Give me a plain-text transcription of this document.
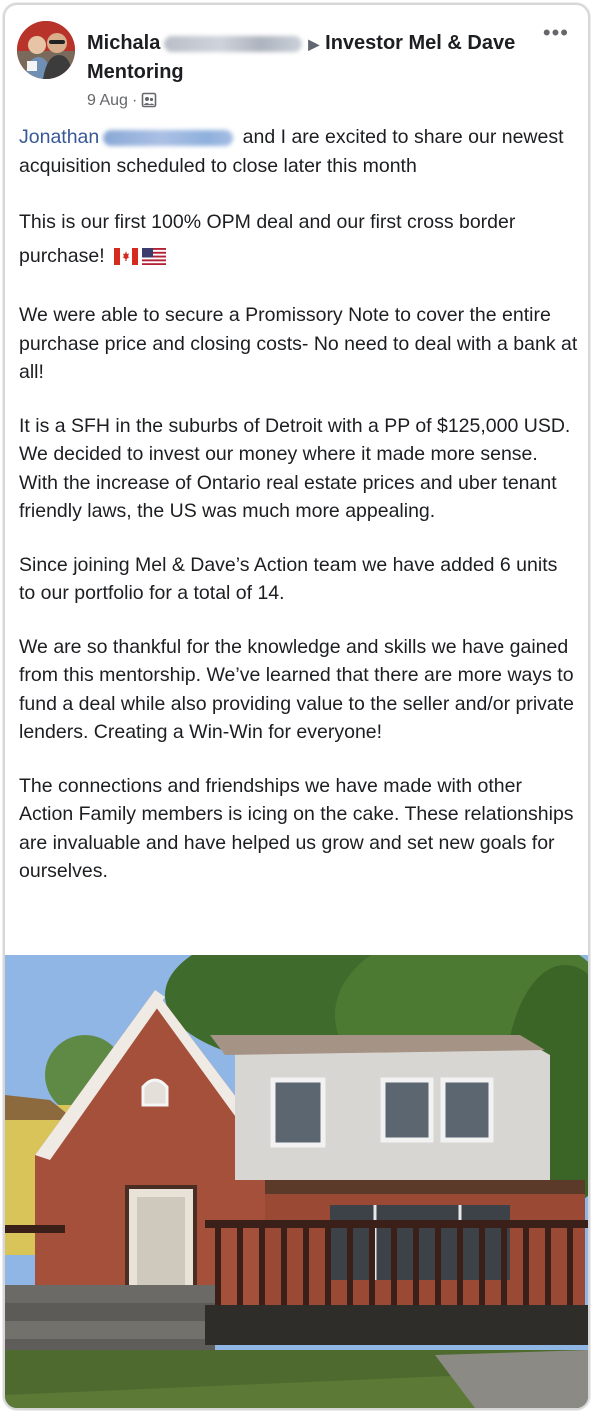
Michala	▶ Investor Mel & Dave Mentoring
9 Aug ·
•••

Jonathan	and I are excited to share our newest acquisition scheduled to close later this month

This is our first 100% OPM deal and our first cross border purchase!

We were able to secure a Promissory Note to cover the entire purchase price and closing costs- No need to deal with a bank at all!

It is a SFH in the suburbs of Detroit with a PP of $125,000 USD. We decided to invest our money where it made more sense. With the increase of Ontario real estate prices and uber tenant friendly laws, the US was much more appealing.

Since joining Mel & Dave’s Action team we have added 6 units to our portfolio for a total of 14.

We are so thankful for the knowledge and skills we have gained from this mentorship. We’ve learned that there are more ways to fund a deal while also providing value to the seller and/or private lenders. Creating a Win-Win for everyone!

The connections and friendships we have made with other Action Family members is icing on the cake. These relationships are invaluable and have helped us grow and set new goals for ourselves.
